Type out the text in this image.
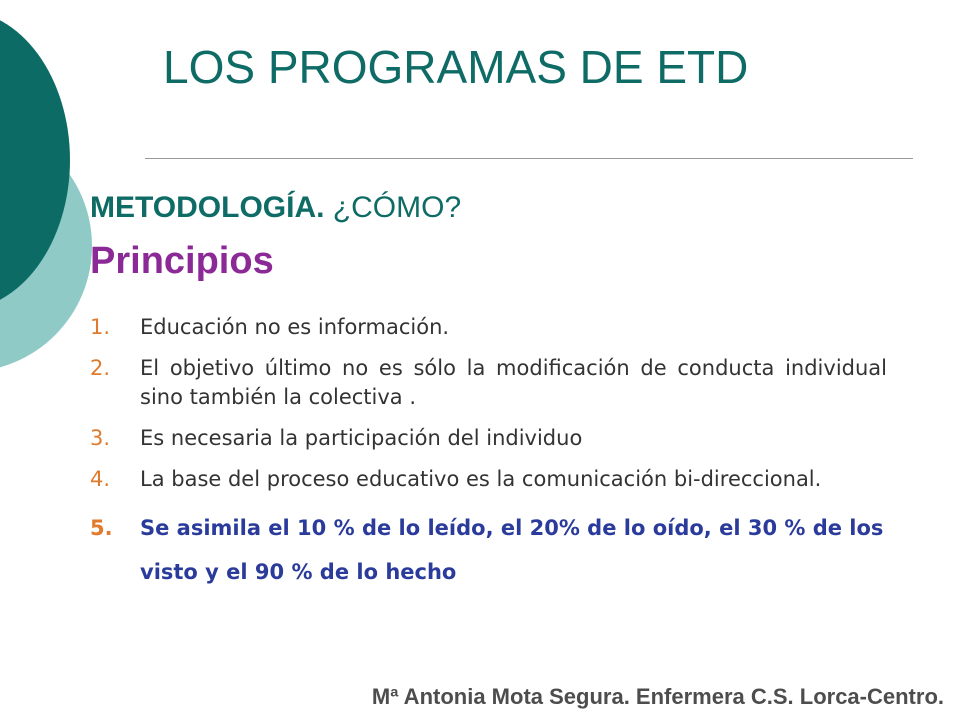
LOS PROGRAMAS DE ETD
METODOLOGÍA. ¿CÓMO?
Principios
1. Educación no es información.
2. El objetivo último no es sólo la modificación de conducta individual sino también la colectiva .
3. Es necesaria la participación del individuo
4. La base del proceso educativo es la comunicación bi-direccional.
5. Se asimila el 10 % de lo leído, el 20% de lo oído, el 30 % de los visto y el 90 % de lo hecho
Mª Antonia Mota Segura. Enfermera C.S. Lorca-Centro.
